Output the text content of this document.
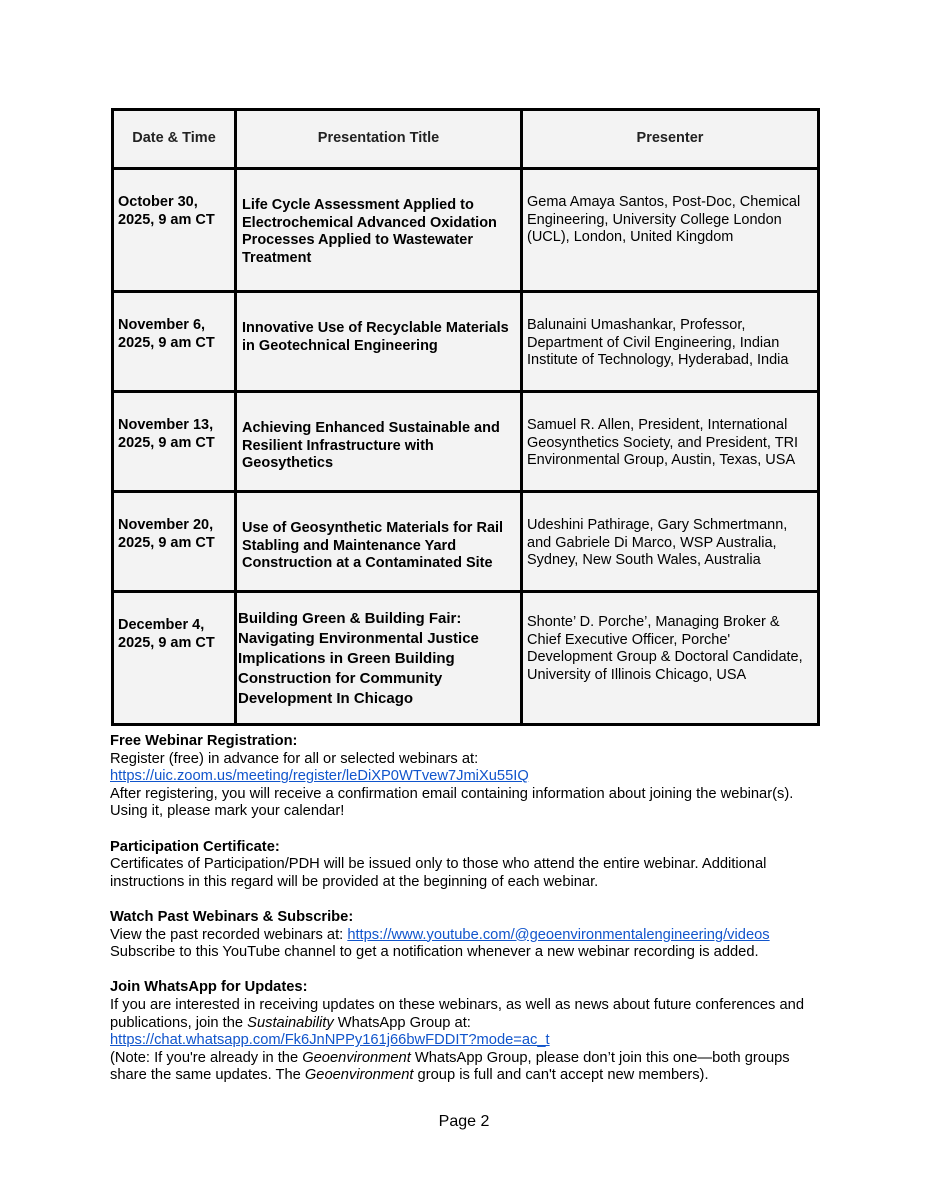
Date & Time	Presentation Title	Presenter
October 30, 2025, 9 am CT	Life Cycle Assessment Applied to Electrochemical Advanced Oxidation Processes Applied to Wastewater Treatment	Gema Amaya Santos, Post-Doc, Chemical Engineering, University College London (UCL), London, United Kingdom
November 6, 2025, 9 am CT	Innovative Use of Recyclable Materials in Geotechnical Engineering	Balunaini Umashankar, Professor, Department of Civil Engineering, Indian Institute of Technology, Hyderabad, India
November 13, 2025, 9 am CT	Achieving Enhanced Sustainable and Resilient Infrastructure with Geosythetics	Samuel R. Allen, President, International Geosynthetics Society, and President, TRI Environmental Group, Austin, Texas, USA
November 20, 2025, 9 am CT	Use of Geosynthetic Materials for Rail Stabling and Maintenance Yard Construction at a Contaminated Site	Udeshini Pathirage, Gary Schmertmann, and Gabriele Di Marco, WSP Australia, Sydney, New South Wales, Australia
December 4, 2025, 9 am CT	Building Green & Building Fair: Navigating Environmental Justice Implications in Green Building Construction for Community Development In Chicago	Shonte’ D. Porche’, Managing Broker & Chief Executive Officer, Porche' Development Group & Doctoral Candidate, University of Illinois Chicago, USA
Free Webinar Registration:
Register (free) in advance for all or selected webinars at:
https://uic.zoom.us/meeting/register/leDiXP0WTvew7JmiXu55IQ
After registering, you will receive a confirmation email containing information about joining the webinar(s). Using it, please mark your calendar!
Participation Certificate:
Certificates of Participation/PDH will be issued only to those who attend the entire webinar. Additional instructions in this regard will be provided at the beginning of each webinar.
Watch Past Webinars & Subscribe:
View the past recorded webinars at: https://www.youtube.com/@geoenvironmentalengineering/videos
Subscribe to this YouTube channel to get a notification whenever a new webinar recording is added.
Join WhatsApp for Updates:
If you are interested in receiving updates on these webinars, as well as news about future conferences and publications, join the Sustainability WhatsApp Group at:
https://chat.whatsapp.com/Fk6JnNPPy161j66bwFDDIT?mode=ac_t
(Note: If you're already in the Geoenvironment WhatsApp Group, please don’t join this one—both groups share the same updates. The Geoenvironment group is full and can't accept new members).
Page 2
